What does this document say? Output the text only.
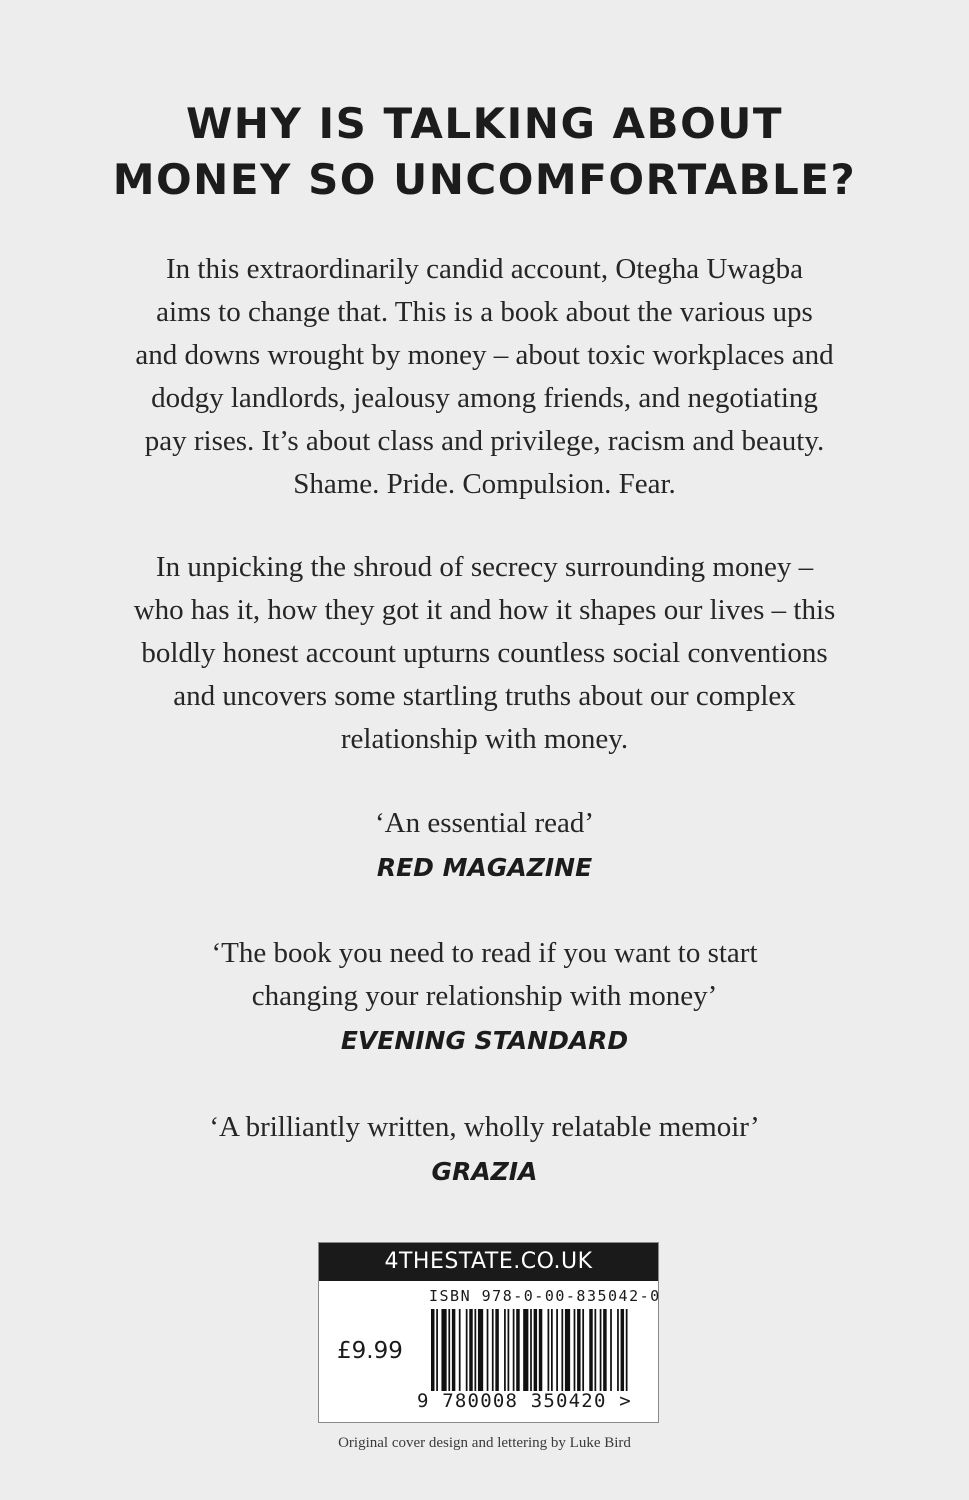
WHY IS TALKING ABOUT
MONEY SO UNCOMFORTABLE?

In this extraordinarily candid account, Otegha Uwagba
aims to change that. This is a book about the various ups
and downs wrought by money – about toxic workplaces and
dodgy landlords, jealousy among friends, and negotiating
pay rises. It’s about class and privilege, racism and beauty.
Shame. Pride. Compulsion. Fear.

In unpicking the shroud of secrecy surrounding money –
who has it, how they got it and how it shapes our lives – this
boldly honest account upturns countless social conventions
and uncovers some startling truths about our complex
relationship with money.

‘An essential read’

RED MAGAZINE

‘The book you need to read if you want to start
changing your relationship with money’

EVENING STANDARD

‘A brilliantly written, wholly relatable memoir’

GRAZIA

4THESTATE.CO.UK
ISBN 978-0-00-835042-0
£9.99
9 780008 350420 >

Original cover design and lettering by Luke Bird
